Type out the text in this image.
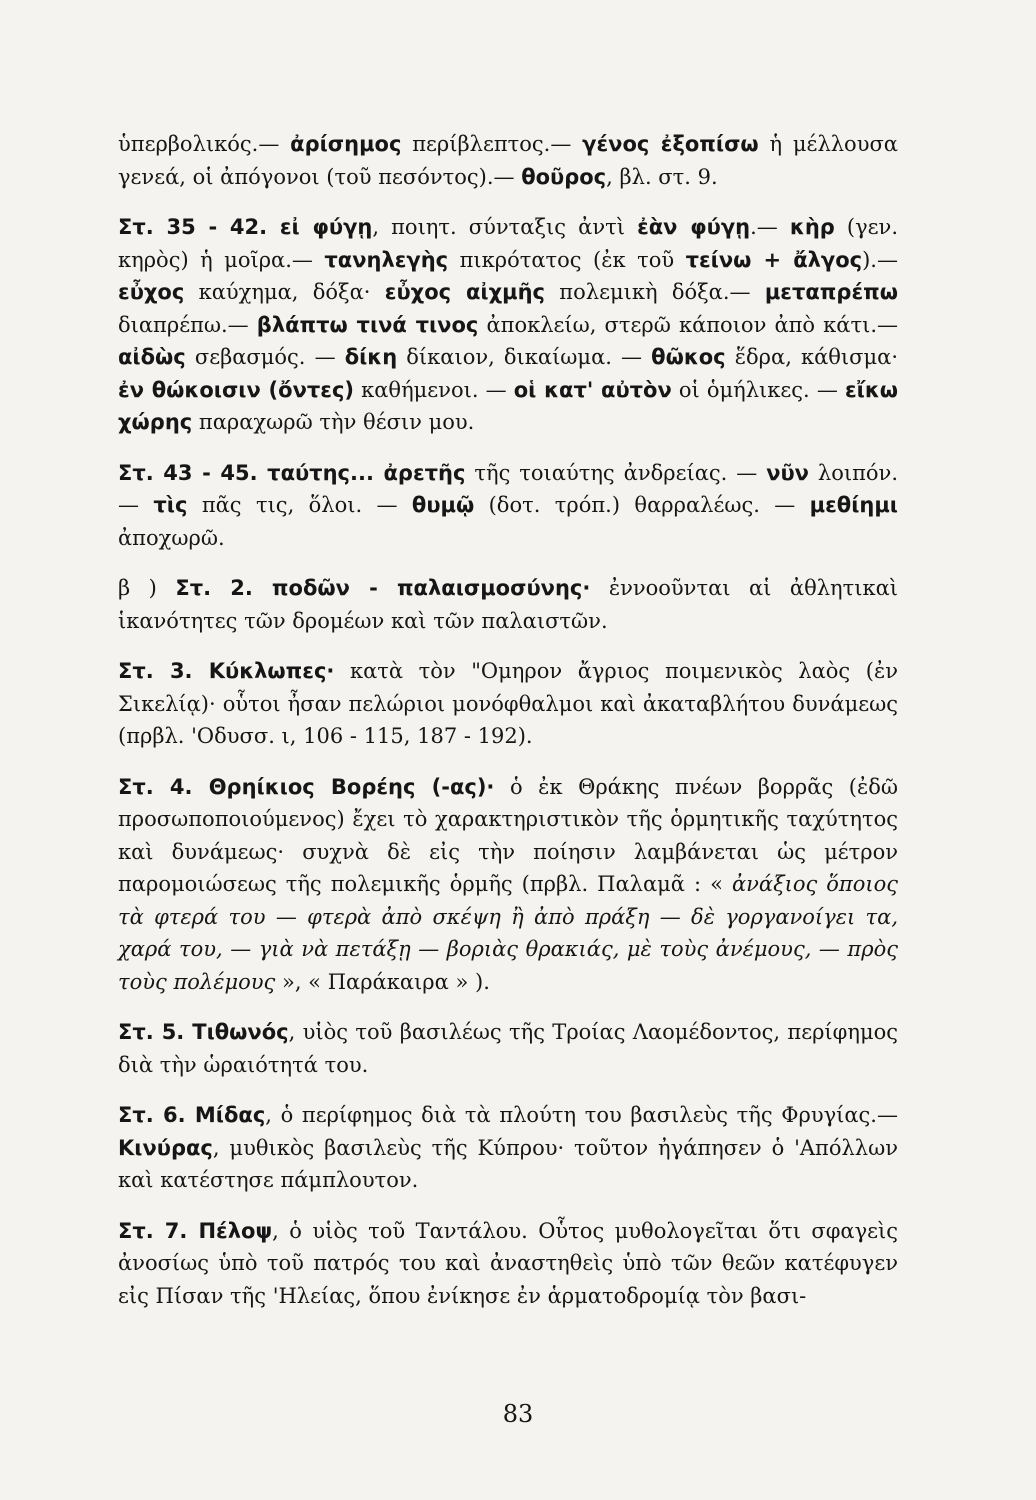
ὑπερβολικός.— ἀρίσημος περίβλεπτος.— γένος ἐξοπίσω ἡ μέλλουσα γενεά, οἱ ἀπόγονοι (τοῦ πεσόντος).— θοῦρος, βλ. στ. 9.

Στ. 35 - 42. εἰ φύγῃ, ποιητ. σύνταξις ἀντὶ ἐὰν φύγῃ.— κὴρ (γεν. κηρὸς) ἡ μοῖρα.— τανηλεγὴς πικρότατος (ἐκ τοῦ τείνω + ἄλγος).— εὖχος καύχημα, δόξα· εὖχος αἰχμῆς πολεμικὴ δόξα.— μεταπρέπω διαπρέπω.— βλάπτω τινά τινος ἀποκλείω, στερῶ κάποιον ἀπὸ κάτι.— αἰδὼς σεβασμός. — δίκη δίκαιον, δικαίωμα. — θῶκος ἕδρα, κάθισμα· ἐν θώκοισιν (ὄντες) καθήμενοι. — οἱ κατ' αὐτὸν οἱ ὁμήλικες. — εἴκω χώρης παραχωρῶ τὴν θέσιν μου.

Στ. 43 - 45. ταύτης... ἀρετῆς τῆς τοιαύτης ἀνδρείας. — νῦν λοιπόν. — τὶς πᾶς τις, ὅλοι. — θυμῷ (δοτ. τρόπ.) θαρραλέως. — μεθίημι ἀποχωρῶ.

β ) Στ. 2. ποδῶν - παλαισμοσύνης· ἐννοοῦνται αἱ ἀθλητικαὶ ἱκανότητες τῶν δρομέων καὶ τῶν παλαιστῶν.

Στ. 3. Κύκλωπες· κατὰ τὸν "Ομηρον ἄγριος ποιμενικὸς λαὸς (ἐν Σικελίᾳ)· οὗτοι ἦσαν πελώριοι μονόφθαλμοι καὶ ἀκαταβλήτου δυνάμεως (πρβλ. 'Οδυσσ. ι, 106 - 115, 187 - 192).

Στ. 4. Θρηίκιος Βορέης (-ας)· ὁ ἐκ Θράκης πνέων βορρᾶς (ἐδῶ προσωποποιούμενος) ἔχει τὸ χαρακτηριστικὸν τῆς ὁρμητικῆς ταχύτητος καὶ δυνάμεως· συχνὰ δὲ εἰς τὴν ποίησιν λαμβάνεται ὡς μέτρον παρομοιώσεως τῆς πολεμικῆς ὁρμῆς (πρβλ. Παλαμᾶ : « ἀνάξιος ὅποιος τὰ φτερά του — φτερὰ ἀπὸ σκέψη ἢ ἀπὸ πράξη — δὲ γοργανοίγει τα, χαρά του, — γιὰ νὰ πετάξῃ — βοριὰς θρακιάς, μὲ τοὺς ἀνέμους, — πρὸς τοὺς πολέμους », « Παράκαιρα » ).

Στ. 5. Τιθωνός, υἱὸς τοῦ βασιλέως τῆς Τροίας Λαομέδοντος, περίφημος διὰ τὴν ὡραιότητά του.

Στ. 6. Μίδας, ὁ περίφημος διὰ τὰ πλούτη του βασιλεὺς τῆς Φρυγίας.— Κινύρας, μυθικὸς βασιλεὺς τῆς Κύπρου· τοῦτον ἠγάπησεν ὁ 'Απόλλων καὶ κατέστησε πάμπλουτον.

Στ. 7. Πέλοψ, ὁ υἱὸς τοῦ Ταντάλου. Οὗτος μυθολογεῖται ὅτι σφαγεὶς ἀνοσίως ὑπὸ τοῦ πατρός του καὶ ἀναστηθεὶς ὑπὸ τῶν θεῶν κατέφυγεν εἰς Πίσαν τῆς 'Ηλείας, ὅπου ἐνίκησε ἐν ἁρματοδρομίᾳ τὸν βασι-

83
